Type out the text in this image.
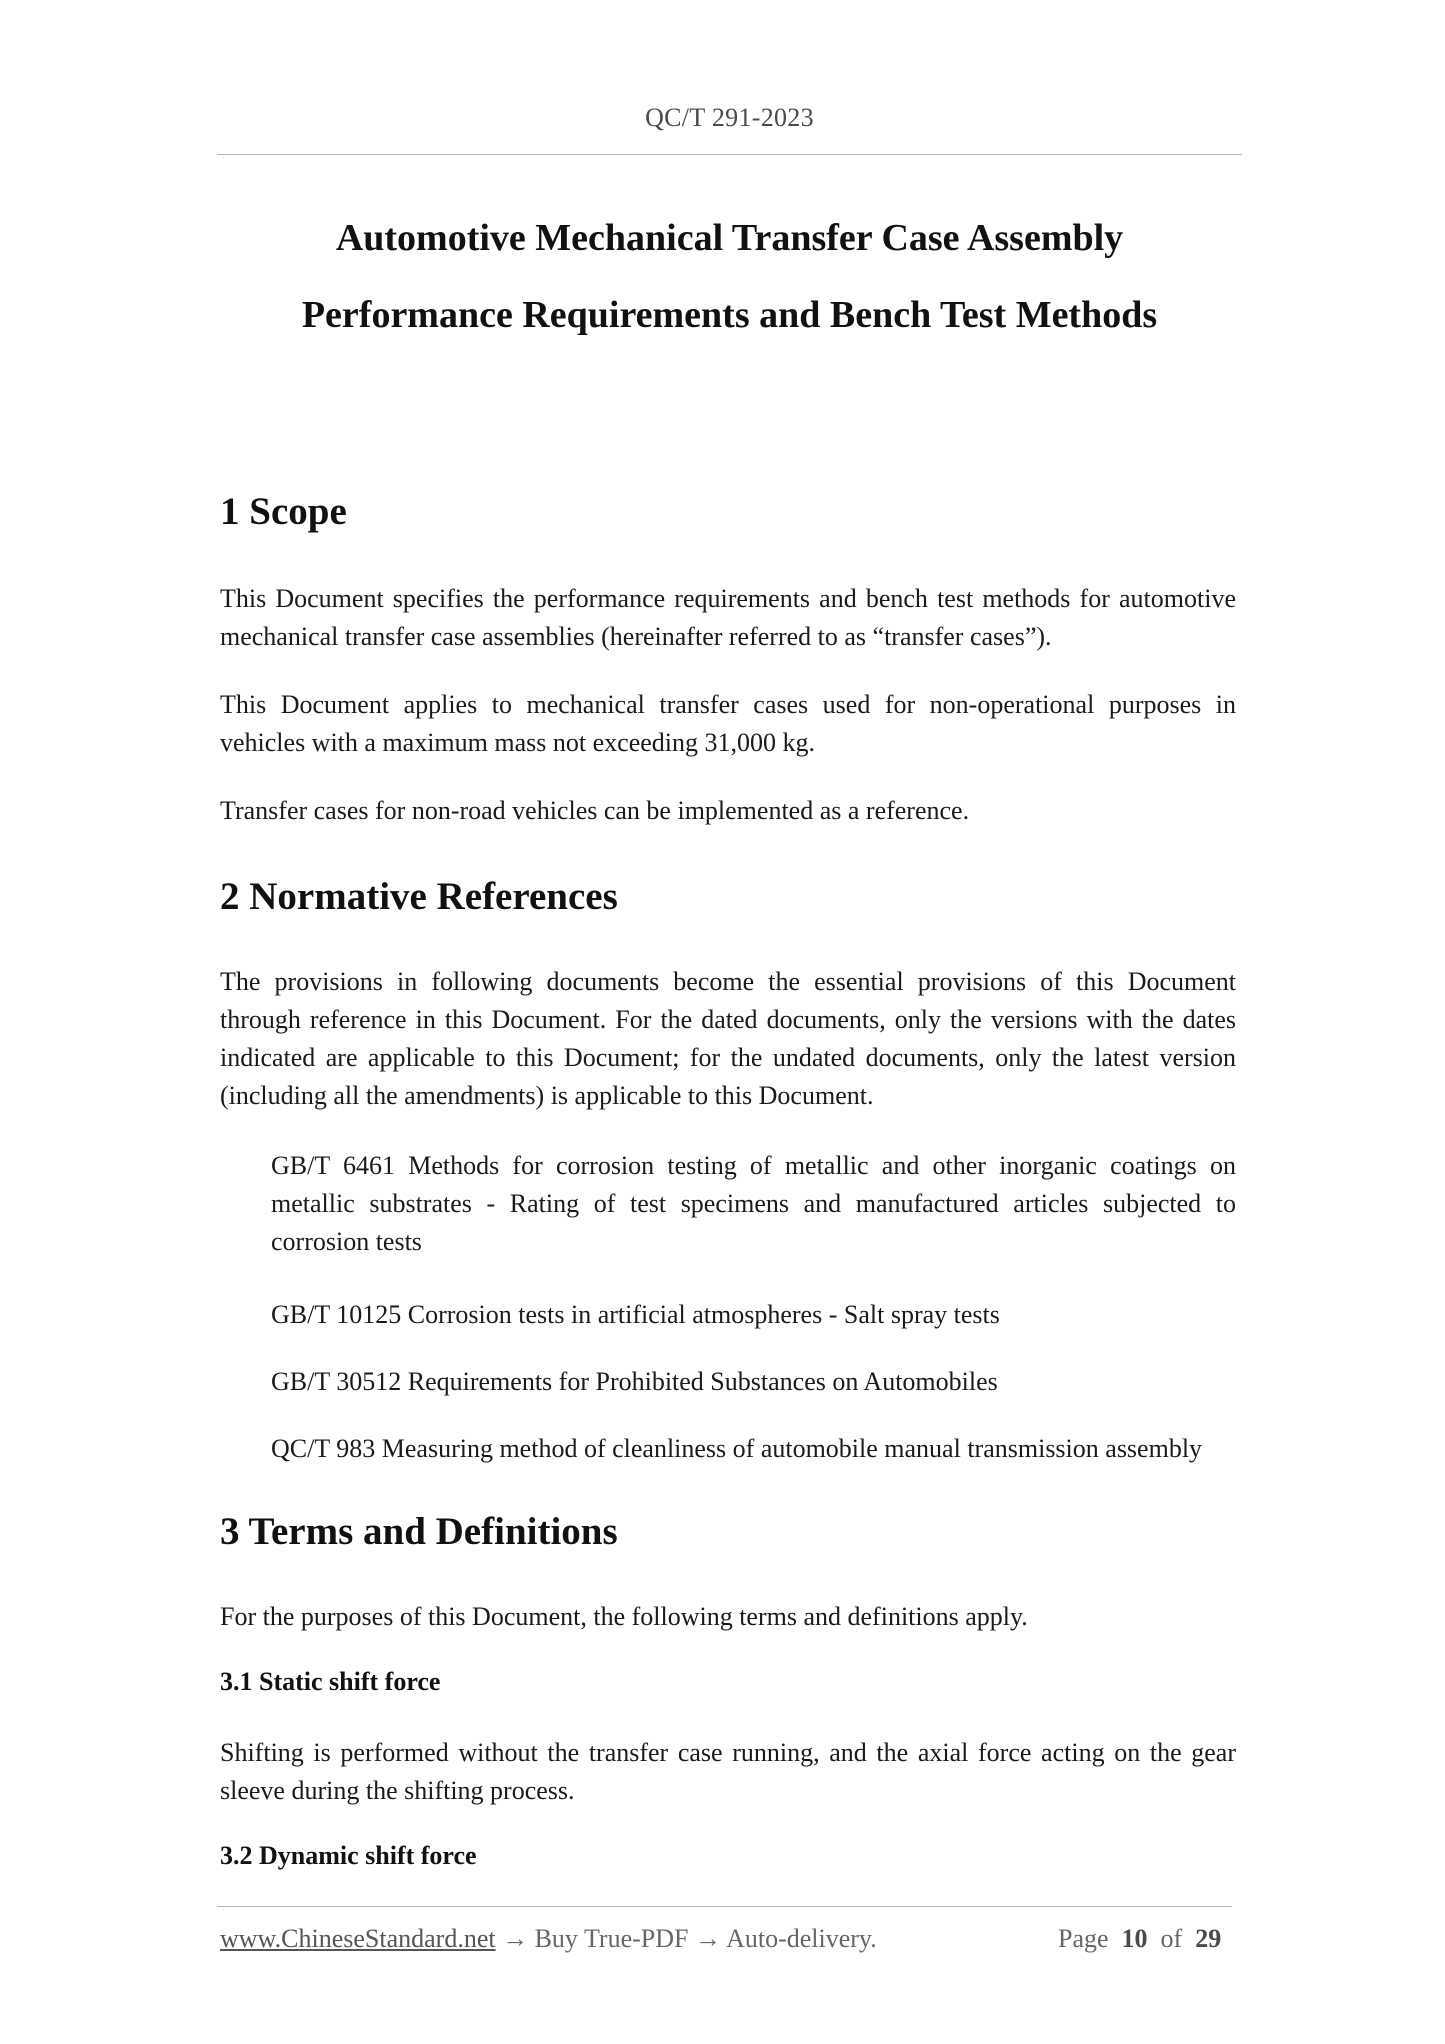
QC/T 291-2023
Automotive Mechanical Transfer Case Assembly
Performance Requirements and Bench Test Methods
1 Scope

This Document specifies the performance requirements and bench test methods for automotive mechanical transfer case assemblies (hereinafter referred to as “transfer cases”).

This Document applies to mechanical transfer cases used for non-operational purposes in vehicles with a maximum mass not exceeding 31,000 kg.

Transfer cases for non-road vehicles can be implemented as a reference.

2 Normative References

The provisions in following documents become the essential provisions of this Document through reference in this Document. For the dated documents, only the versions with the dates indicated are applicable to this Document; for the undated documents, only the latest version (including all the amendments) is applicable to this Document.

GB/T 6461 Methods for corrosion testing of metallic and other inorganic coatings on metallic substrates - Rating of test specimens and manufactured articles subjected to corrosion tests

GB/T 10125 Corrosion tests in artificial atmospheres - Salt spray tests

GB/T 30512 Requirements for Prohibited Substances on Automobiles

QC/T 983 Measuring method of cleanliness of automobile manual transmission assembly

3 Terms and Definitions

For the purposes of this Document, the following terms and definitions apply.

3.1 Static shift force

Shifting is performed without the transfer case running, and the axial force acting on the gear sleeve during the shifting process.

3.2 Dynamic shift force
www.ChineseStandard.net → Buy True-PDF → Auto-delivery.	Page 10 of 29
